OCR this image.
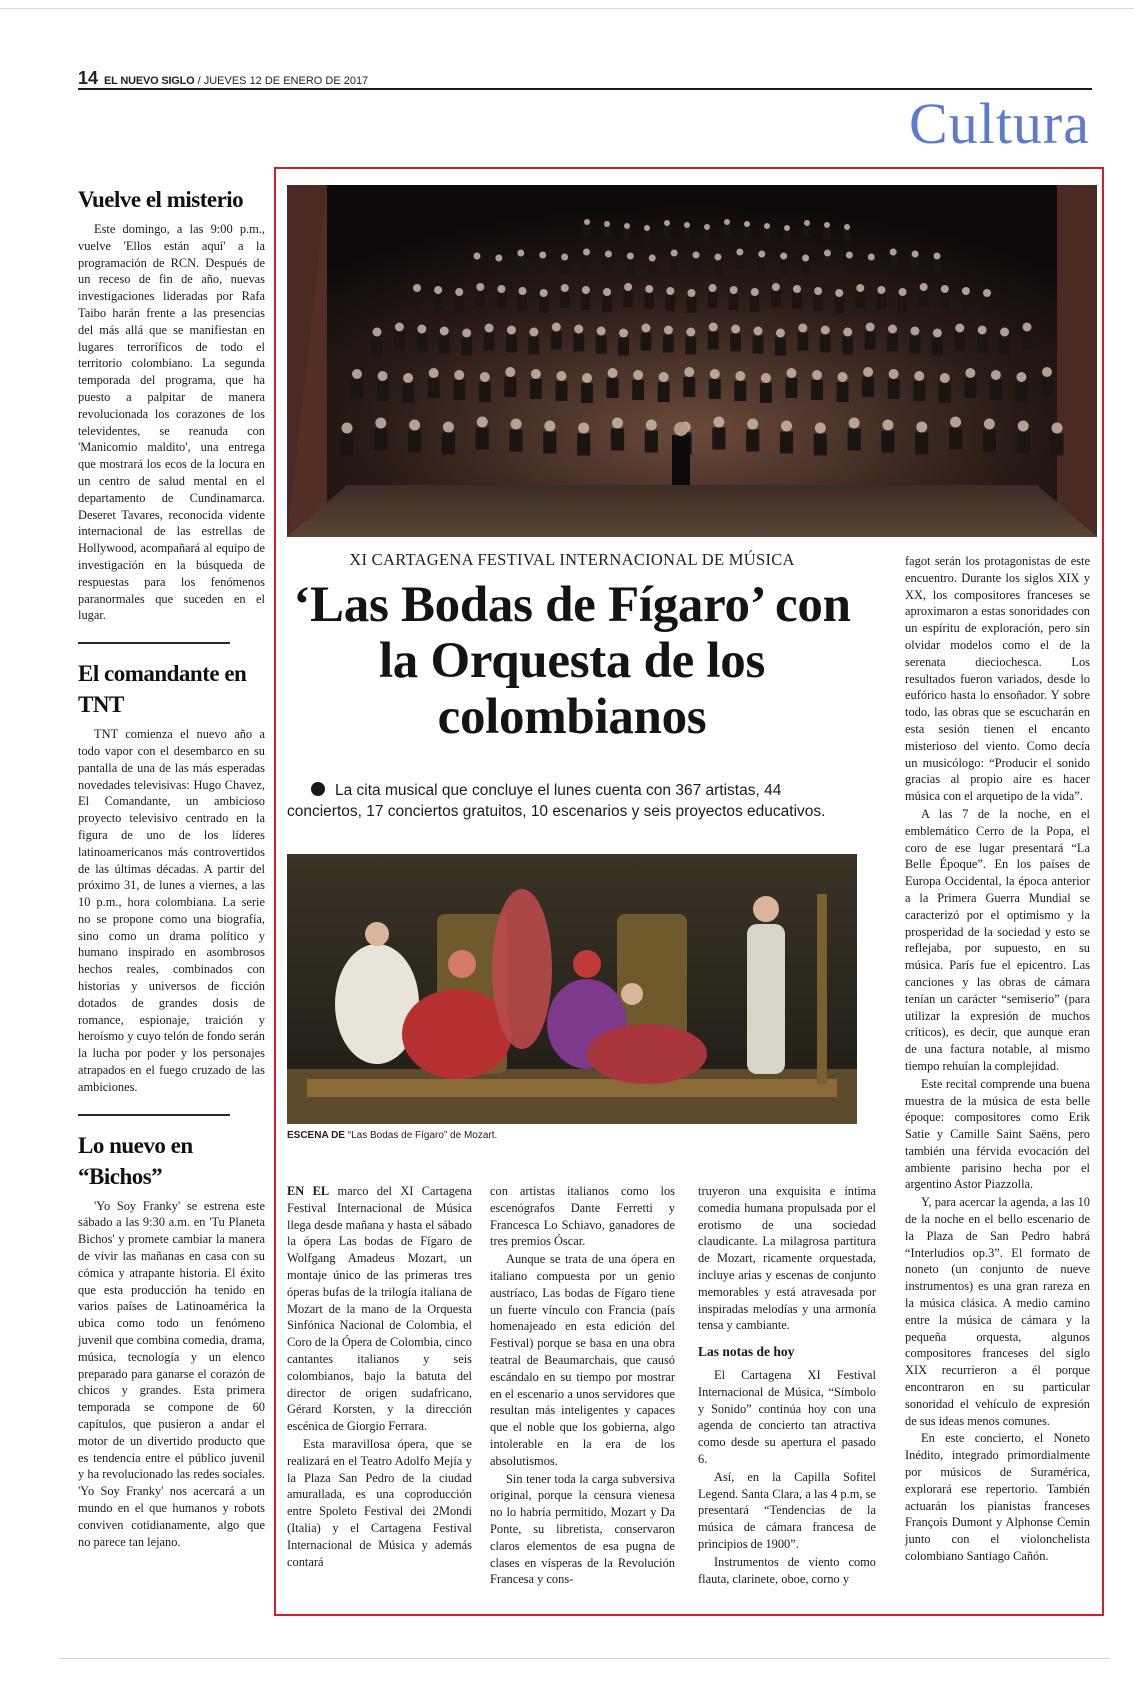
14 EL NUEVO SIGLO / JUEVES 12 DE ENERO DE 2017
Cultura
Vuelve el misterio

Este domingo, a las 9:00 p.m., vuelve 'Ellos están aquí' a la programación de RCN. Después de un receso de fin de año, nuevas investigaciones lideradas por Rafa Taibo harán frente a las presencias del más allá que se manifiestan en lugares terroríficos de todo el territorio colombiano. La segunda temporada del programa, que ha puesto a palpitar de manera revolucionada los corazones de los televidentes, se reanuda con 'Manicomio maldito', una entrega que mostrará los ecos de la locura en un centro de salud mental en el departamento de Cundinamarca. Deseret Tavares, reconocida vidente internacional de las estrellas de Hollywood, acompañará al equipo de investigación en la búsqueda de respuestas para los fenómenos paranormales que suceden en el lugar.

El comandante en TNT

TNT comienza el nuevo año a todo vapor con el desembarco en su pantalla de una de las más esperadas novedades televisivas: Hugo Chavez, El Comandante, un ambicioso proyecto televisivo centrado en la figura de uno de los líderes latinoamericanos más controvertidos de las últimas décadas. A partir del próximo 31, de lunes a viernes, a las 10 p.m., hora colombiana. La serie no se propone como una biografía, sino como un drama político y humano inspirado en asombrosos hechos reales, combinados con historias y universos de ficción dotados de grandes dosis de romance, espionaje, traición y heroísmo y cuyo telón de fondo serán la lucha por poder y los personajes atrapados en el fuego cruzado de las ambiciones.

Lo nuevo en “Bichos”

'Yo Soy Franky' se estrena este sábado a las 9:30 a.m. en 'Tu Planeta Bichos' y promete cambiar la manera de vivir las mañanas en casa con su cómica y atrapante historia. El éxito que esta producción ha tenido en varios países de Latinoamérica la ubica como todo un fenómeno juvenil que combina comedia, drama, música, tecnología y un elenco preparado para ganarse el corazón de chicos y grandes. Esta primera temporada se compone de 60 capítulos, que pusieron a andar el motor de un divertido producto que es tendencia entre el público juvenil y ha revolucionado las redes sociales. 'Yo Soy Franky' nos acercará a un mundo en el que humanos y robots conviven cotidianamente, algo que no parece tan lejano.

XI CARTAGENA FESTIVAL INTERNACIONAL DE MÚSICA
‘Las Bodas de Fígaro’ con la Orquesta de los colombianos
La cita musical que concluye el lunes cuenta con 367 artistas, 44 conciertos, 17 conciertos gratuitos, 10 escenarios y seis proyectos educativos.
ESCENA DE “Las Bodas de Fígaro” de Mozart.

EN EL marco del XI Cartagena Festival Internacional de Música llega desde mañana y hasta el sábado la ópera Las bodas de Fígaro de Wolfgang Amadeus Mozart, un montaje único de las primeras tres óperas bufas de la trilogía italiana de Mozart de la mano de la Orquesta Sinfónica Nacional de Colombia, el Coro de la Ópera de Colombia, cinco cantantes italianos y seis colombianos, bajo la batuta del director de origen sudafricano, Gérard Korsten, y la dirección escénica de Giorgio Ferrara.

Esta maravillosa ópera, que se realizará en el Teatro Adolfo Mejía y la Plaza San Pedro de la ciudad amurallada, es una coproducción entre Spoleto Festival dei 2Mondi (Italia) y el Cartagena Festival Internacional de Música y además contará

con artistas italianos como los escenógrafos Dante Ferretti y Francesca Lo Schiavo, ganadores de tres premios Óscar.

Aunque se trata de una ópera en italiano compuesta por un genio austríaco, Las bodas de Fígaro tiene un fuerte vínculo con Francia (país homenajeado en esta edición del Festival) porque se basa en una obra teatral de Beaumarchais, que causó escándalo en su tiempo por mostrar en el escenario a unos servidores que resultan más inteligentes y capaces que el noble que los gobierna, algo intolerable en la era de los absolutismos.

Sin tener toda la carga subversiva original, porque la censura vienesa no lo habría permitido, Mozart y Da Ponte, su libretista, conservaron claros elementos de esa pugna de clases en vísperas de la Revolución Francesa y cons-

truyeron una exquisita e íntima comedia humana propulsada por el erotismo de una sociedad claudicante. La milagrosa partitura de Mozart, ricamente orquestada, incluye arias y escenas de conjunto memorables y está atravesada por inspiradas melodías y una armonía tensa y cambiante.

Las notas de hoy

El Cartagena XI Festival Internacional de Música, “Símbolo y Sonido” continúa hoy con una agenda de concierto tan atractiva como desde su apertura el pasado 6.

Así, en la Capilla Sofitel Legend. Santa Clara, a las 4 p.m, se presentará “Tendencias de la música de cámara francesa de principios de 1900”.

Instrumentos de viento como flauta, clarinete, oboe, corno y

fagot serán los protagonistas de este encuentro. Durante los siglos XIX y XX, los compositores franceses se aproximaron a estas sonoridades con un espíritu de exploración, pero sin olvidar modelos como el de la serenata dieciochesca. Los resultados fueron variados, desde lo eufórico hasta lo ensoñador. Y sobre todo, las obras que se escucharán en esta sesión tienen el encanto misterioso del viento. Como decía un musicólogo: “Producir el sonido gracias al propio aire es hacer música con el arquetipo de la vida”.

A las 7 de la noche, en el emblemático Cerro de la Popa, el coro de ese lugar presentará “La Belle Époque”. En los países de Europa Occidental, la época anterior a la Primera Guerra Mundial se caracterizó por el optimismo y la prosperidad de la sociedad y esto se reflejaba, por supuesto, en su música. París fue el epicentro. Las canciones y las obras de cámara tenían un carácter “semiserio” (para utilizar la expresión de muchos críticos), es decir, que aunque eran de una factura notable, al mismo tiempo rehuían la complejidad.

Este recital comprende una buena muestra de la música de esta belle époque: compositores como Erik Satie y Camille Saint Saëns, pero también una férvida evocación del ambiente parisino hecha por el argentino Astor Piazzolla.

Y, para acercar la agenda, a las 10 de la noche en el bello escenario de la Plaza de San Pedro habrá “Interludios op.3”. El formato de noneto (un conjunto de nueve instrumentos) es una gran rareza en la música clásica. A medio camino entre la música de cámara y la pequeña orquesta, algunos compositores franceses del siglo XIX recurrieron a él porque encontraron en su particular sonoridad el vehículo de expresión de sus ideas menos comunes.

En este concierto, el Noneto Inédito, integrado primordialmente por músicos de Suramérica, explorará ese repertorio. También actuarán los pianistas franceses François Dumont y Alphonse Cemin junto con el violonchelista colombiano Santiago Cañón.
